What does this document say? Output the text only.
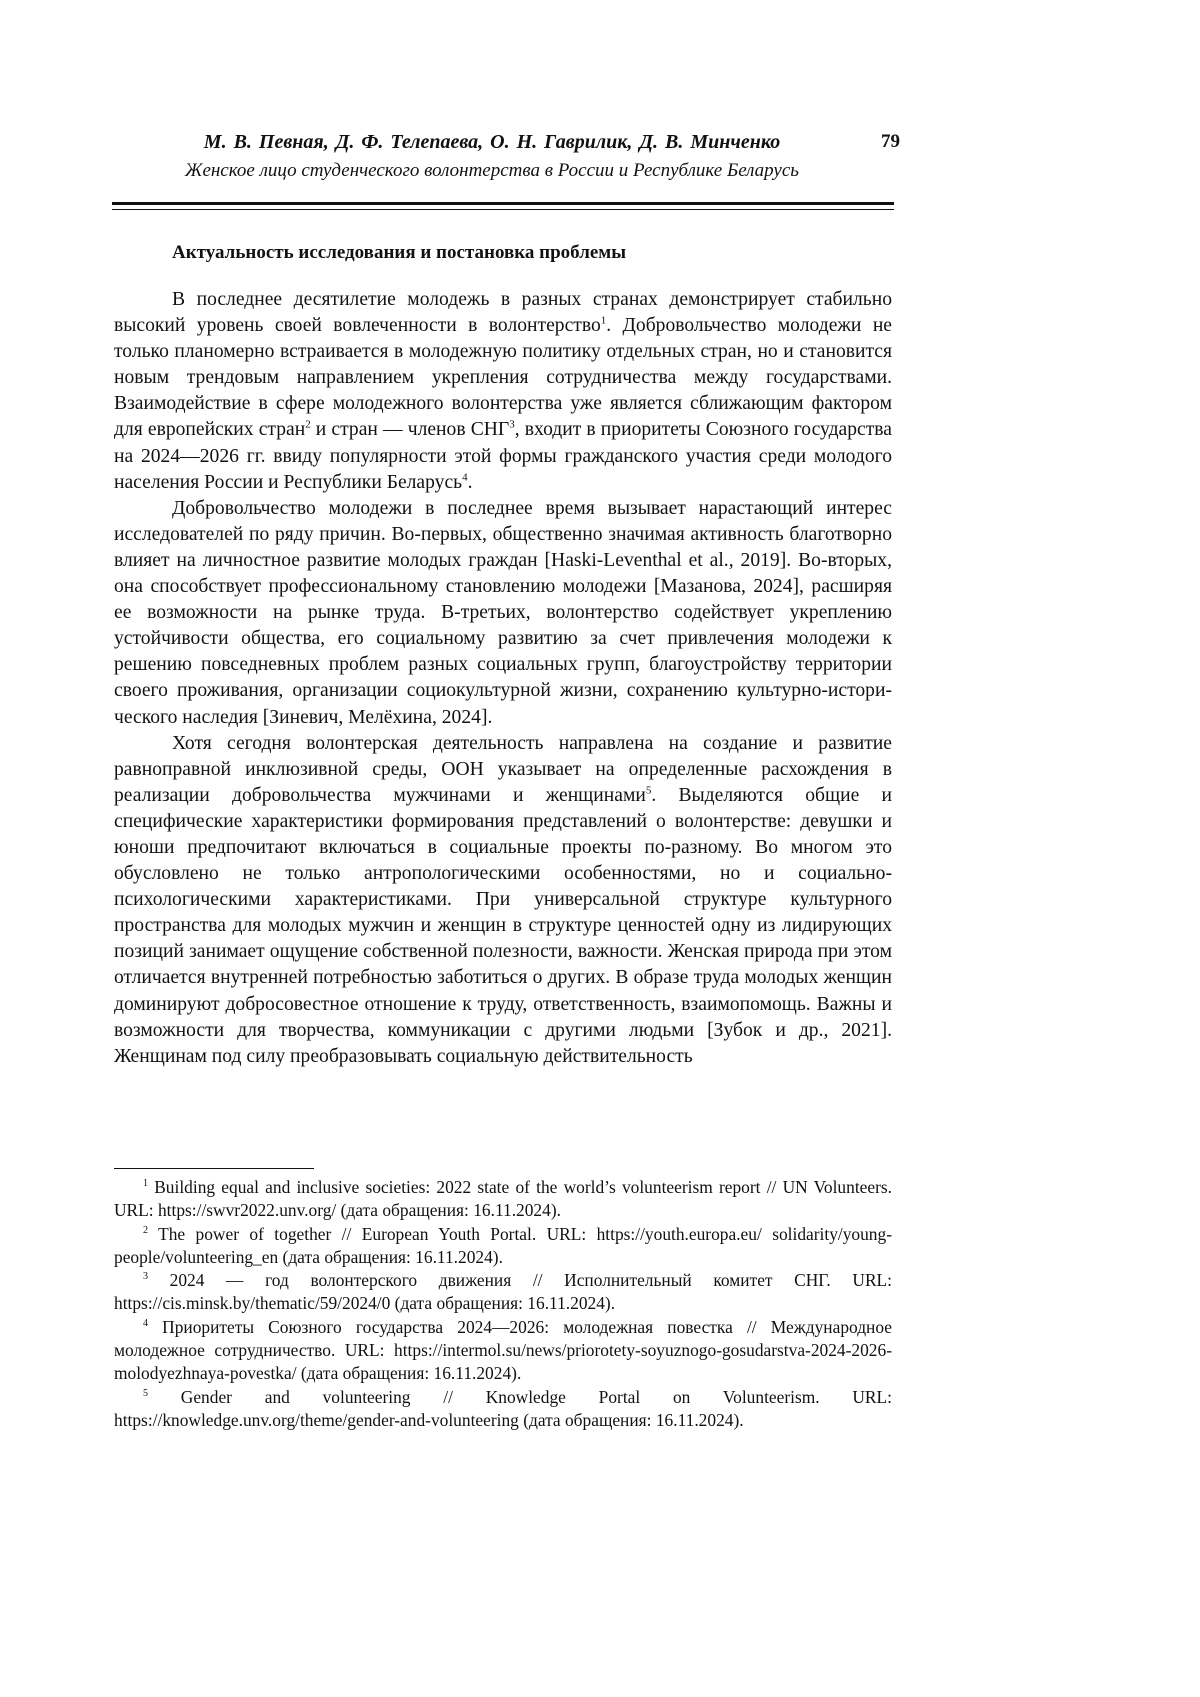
М. В. Певная, Д. Ф. Телепаева, О. Н. Гаврилик, Д. В. Минченко	79
Женское лицо студенческого волонтерства в России и Республике Беларусь
Актуальность исследования и постановка проблемы

В последнее десятилетие молодежь в разных странах демонстрирует ста­бильно высокий уровень своей вовлеченности в волонтерство1. Добровольчество молодежи не только планомерно встраивается в молодежную политику отдель­ных стран, но и становится новым трендовым направлением укрепления сотруд­ничества между государствами. Взаимодействие в сфере молодежного волон­терства уже является сближающим фактором для европейских стран2 и стран — членов СНГ3, входит в приоритеты Союзного государства на 2024—2026 гг. ввиду популярности этой формы гражданского участия среди молодого населе­ния России и Республики Беларусь4.

Добровольчество молодежи в последнее время вызывает нарастающий ин­терес исследователей по ряду причин. Во-первых, общественно значимая актив­ность благотворно влияет на личностное развитие молодых граждан [Haski-Leventhal et al., 2019]. Во-вторых, она способствует профессиональному станов­лению молодежи [Мазанова, 2024], расширяя ее возможности на рынке труда. В-третьих, волонтерство содействует укреплению устойчивости общества, его социальному развитию за счет привлечения молодежи к решению повседневных проблем разных социальных групп, благоустройству территории своего прожи­вания, организации социокультурной жизни, сохранению культурно-истори­ческого наследия [Зиневич, Мелёхина, 2024].

Хотя сегодня волонтерская деятельность направлена на создание и разви­тие равноправной инклюзивной среды, ООН указывает на определенные рас­хождения в реализации добровольчества мужчинами и женщинами5. Выделяют­ся общие и специфические характеристики формирования представлений о волонтерстве: девушки и юноши предпочитают включаться в социальные про­екты по-разному. Во многом это обусловлено не только антропологическими особенностями, но и социально-психологическими характеристиками. При уни­версальной структуре культурного пространства для молодых мужчин и жен­щин в структуре ценностей одну из лидирующих позиций занимает ощущение собственной полезности, важности. Женская природа при этом отличается внут­ренней потребностью заботиться о других. В образе труда молодых женщин до­минируют добросовестное отношение к труду, ответственность, взаимопомощь. Важны и возможности для творчества, коммуникации с другими людьми [Зубок и др., 2021]. Женщинам под силу преобразовывать социальную действительность

1 Building equal and inclusive societies: 2022 state of the world’s volunteerism report // UN Volunteers. URL: https://swvr2022.unv.org/ (дата обращения: 16.11.2024).

2 The power of together // European Youth Portal. URL: https://youth.europa.eu/ solidarity/young-people/volunteering_en (дата обращения: 16.11.2024).

3 2024 — год волонтерского движения // Исполнительный комитет СНГ. URL: https://cis.minsk.by/thematic/59/2024/0 (дата обращения: 16.11.2024).

4 Приоритеты Союзного государства 2024—2026: молодежная повестка // Международное молодежное сотрудничество. URL: https://intermol.su/news/priorotety-soyuznogo-gosudarstva-2024-2026-molodyezhnaya-povestka/ (дата обращения: 16.11.2024).

5 Gender and volunteering // Knowledge Portal on Volunteerism. URL: https://knowledge.unv.org/theme/gender-and-volunteering (дата обращения: 16.11.2024).
